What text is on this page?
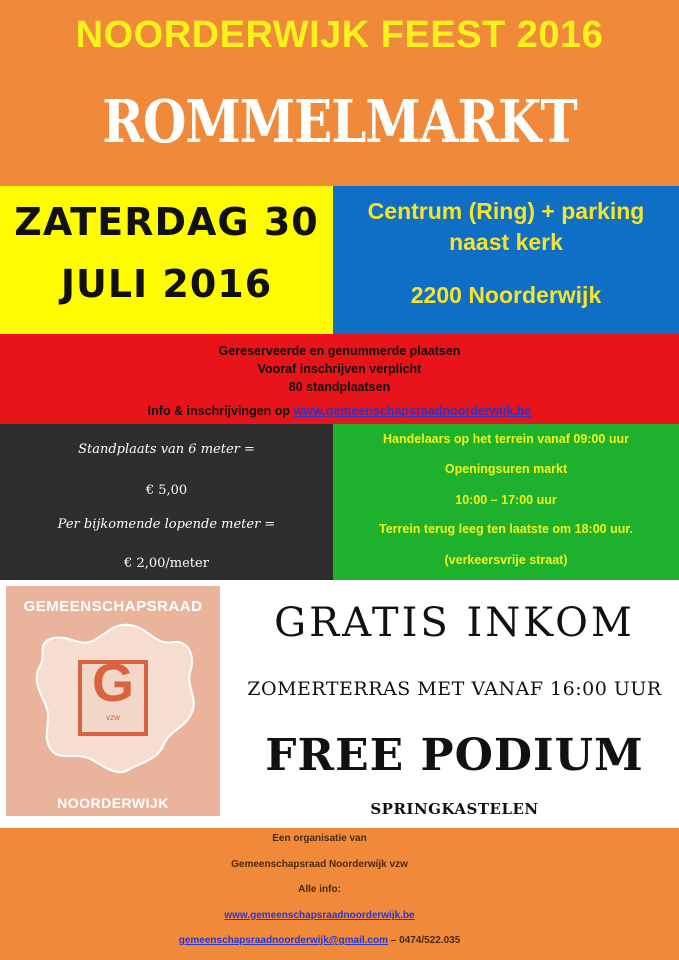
NOORDERWIJK FEEST 2016
ROMMELMARKT
ZATERDAG 30
JULI 2016
Centrum (Ring) + parking
naast kerk
2200 Noorderwijk
Gereserveerde en genummerde plaatsen
Vooraf inschrijven verplicht
80 standplaatsen
Info & inschrijvingen op www.gemeenschapsraadnoorderwijk.be
Standplaats van 6 meter =
€ 5,00
Per bijkomende lopende meter =
€ 2,00/meter
Handelaars op het terrein vanaf 09:00 uur
Openingsuren markt
10:00 – 17:00 uur
Terrein terug leeg ten laatste om 18:00 uur.
(verkeersvrije straat)
G
vzw
GEMEENSCHAPSRAAD
NOORDERWIJK
GRATIS INKOM
ZOMERTERRAS MET VANAF 16:00 UUR
FREE PODIUM
SPRINGKASTELEN
Een organisatie van
Gemeenschapsraad Noorderwijk vzw
Alle info:
www.gemeenschapsraadnoorderwijk.be
gemeenschapsraadnoorderwijk@gmail.com – 0474/522.035
